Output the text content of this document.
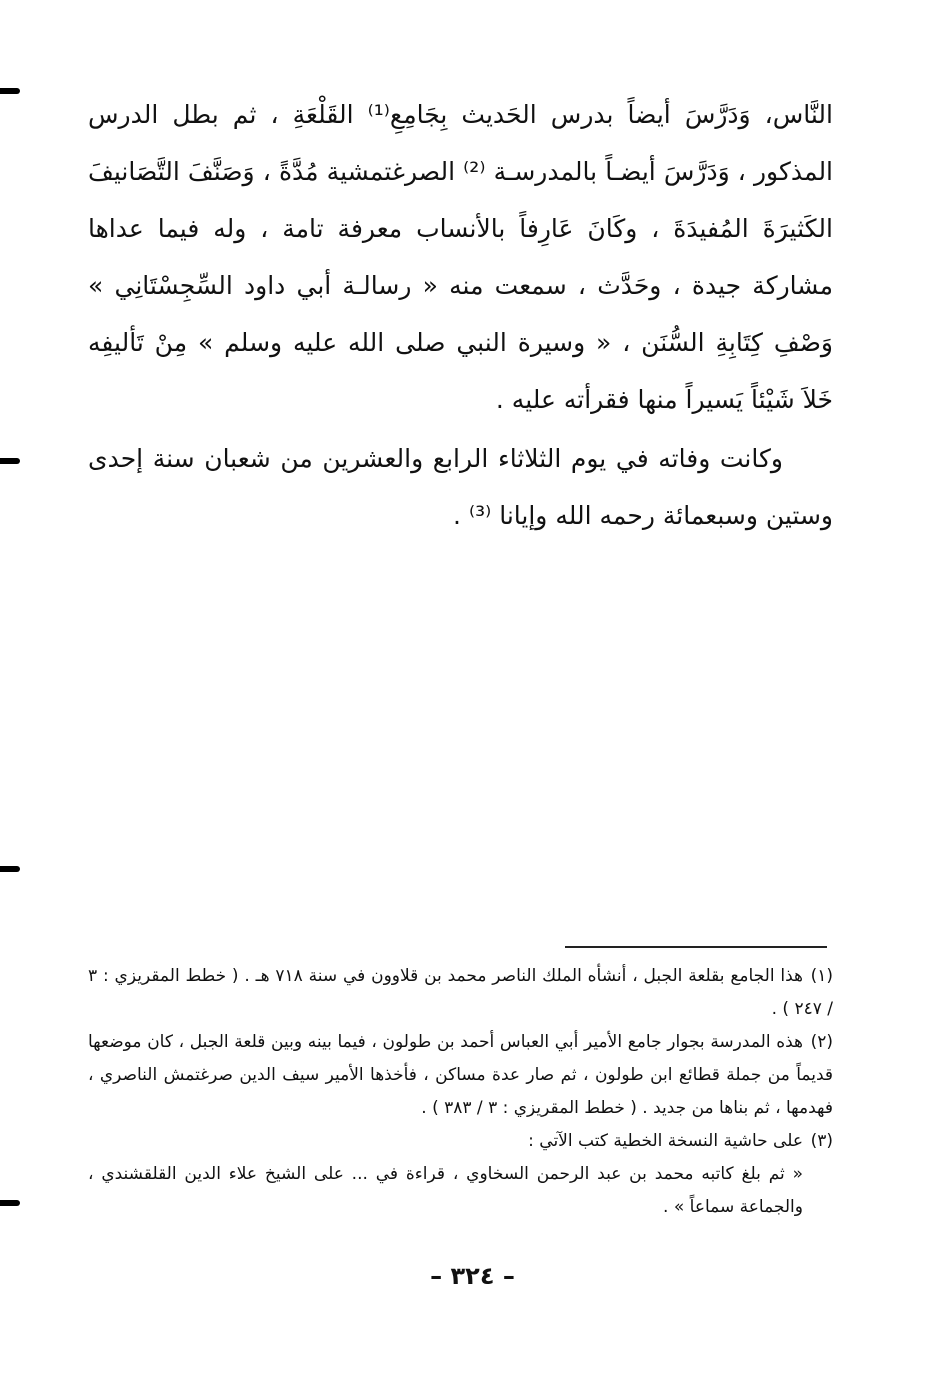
النَّاس، وَدَرَّسَ أيضاً بدرس الحَديث بِجَامِعِ⁽¹⁾ القَلْعَةِ ، ثم بطل الدرس المذكور ، وَدَرَّسَ أيضـاً بالمدرسـة ⁽²⁾ الصرغتمشية مُدَّةً ، وَصَنَّفَ التَّصَانيفَ الكَثيرَةَ المُفيدَةَ ، وكَانَ عَارِفاً بالأنساب معرفة تامة ، وله فيما عداها مشاركة جيدة ، وحَدَّث ، سمعت منه « رسالـة أبي داود السِّجِسْتَانِي » وَصْفِ كِتَابِةِ السُّنَن ، « وسيرة النبي صلى الله عليه وسلم » مِنْ تَأليفِه خَلاَ شَيْئاً يَسيراً منها فقرأته عليه .

وكانت وفاته في يوم الثلاثاء الرابع والعشرين من شعبان سنة إحدى وستين وسبعمائة رحمه الله وإيانا ⁽³⁾ .

(١)هذا الجامع بقلعة الجبل ، أنشأه الملك الناصر محمد بن قلاوون في سنة ٧١٨ هـ . ( خطط المقريزي : ٣ / ٢٤٧ ) .
(٢)هذه المدرسة بجوار جامع الأمير أبي العباس أحمد بن طولون ، فيما بينه وبين قلعة الجبل ، كان موضعها قديماً من جملة قطائع ابن طولون ، ثم صار عدة مساكن ، فأخذها الأمير سيف الدين صرغتمش الناصري ، فهدمها ، ثم بناها من جديد . ( خطط المقريزي : ٣ / ٣٨٣ ) .
(٣)على حاشية النسخة الخطية كتب الآتي :
« ثم بلغ كاتبه محمد بن عبد الرحمن السخاوي ، قراءة في ... على الشيخ علاء الدين القلقشندي ، والجماعة سماعاً » .
– ٣٢٤ –
